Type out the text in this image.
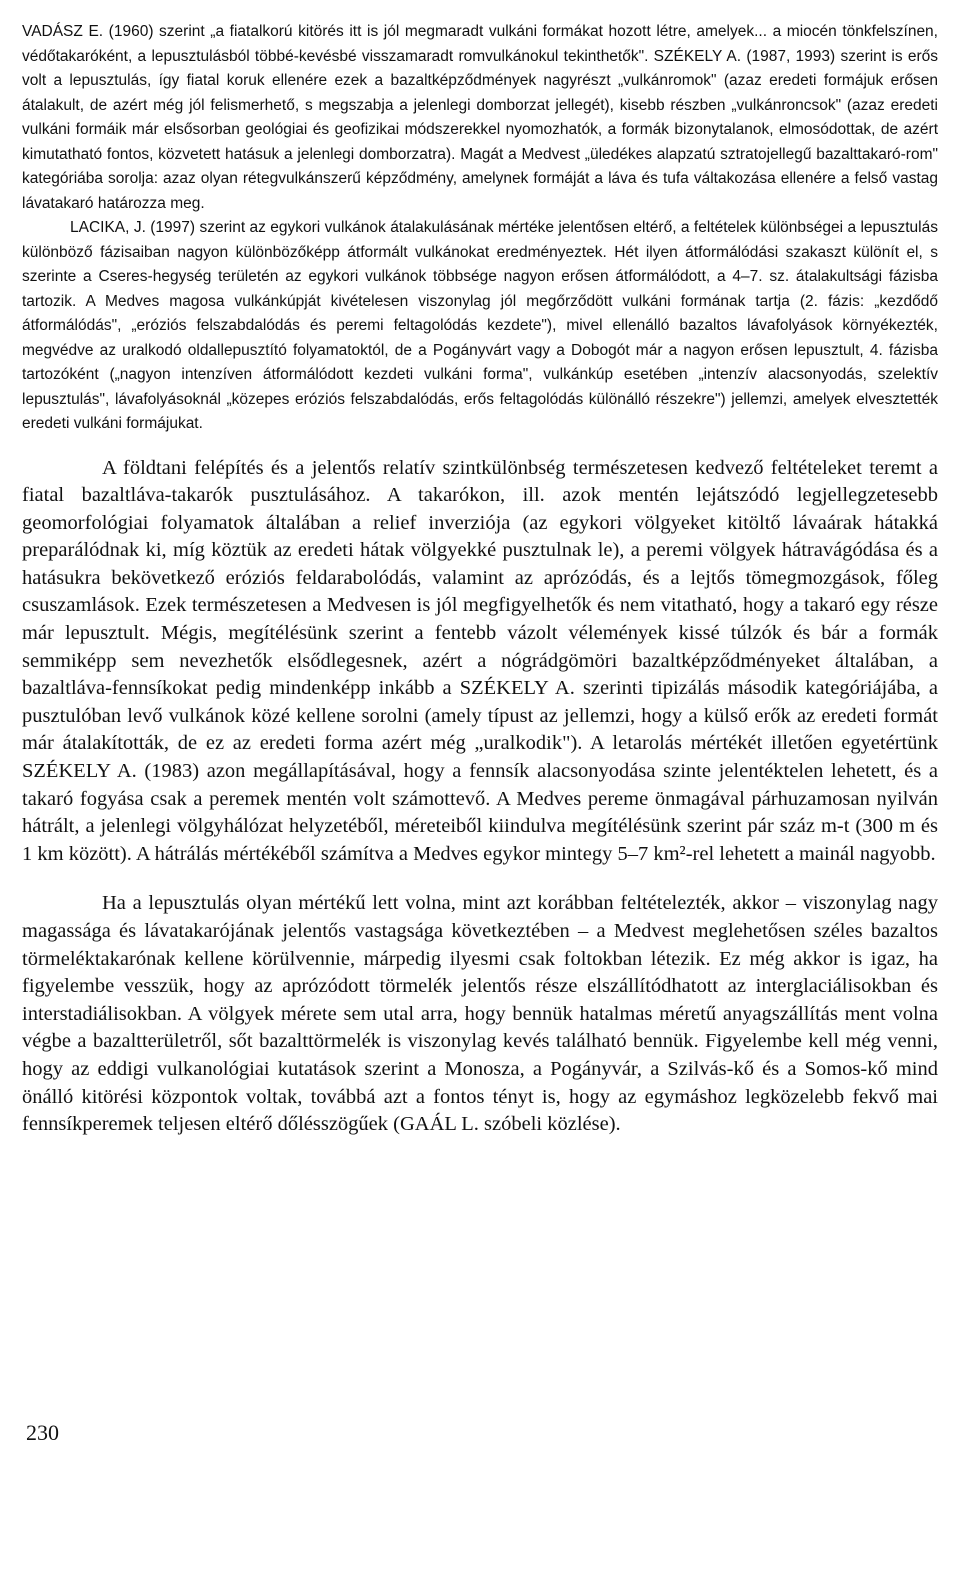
VADÁSZ E. (1960) szerint „a fiatalkorú kitörés itt is jól megmaradt vulkáni formákat hozott létre, amelyek... a miocén tönkfelszínen, védőtakaróként, a lepusztulásból többé-kevésbé visszamaradt romvulkánokul tekinthetők". SZÉKELY A. (1987, 1993) szerint is erős volt a lepusztulás, így fiatal koruk ellenére ezek a bazaltképződmények nagyrészt „vulkánromok" (azaz eredeti formájuk erősen átalakult, de azért még jól felismerhető, s megszabja a jelenlegi domborzat jellegét), kisebb részben „vulkánroncsok" (azaz eredeti vulkáni formáik már elsősorban geológiai és geofizikai módszerekkel nyomozhatók, a formák bizonytalanok, elmosódottak, de azért kimutatható fontos, közvetett hatásuk a jelenlegi domborzatra). Magát a Medvest „üledékes alapzatú sztratojellegű bazalttakaró-rom" kategóriába sorolja: azaz olyan rétegvulkánszerű képződmény, amelynek formáját a láva és tufa váltakozása ellenére a felső vastag lávatakaró határozza meg.

LACIKA, J. (1997) szerint az egykori vulkánok átalakulásának mértéke jelentősen eltérő, a feltételek különbségei a lepusztulás különböző fázisaiban nagyon különbözőképp átformált vulkánokat eredményeztek. Hét ilyen átformálódási szakaszt különít el, s szerinte a Cseres-hegység területén az egykori vulkánok többsége nagyon erősen átformálódott, a 4–7. sz. átalakultsági fázisba tartozik. A Medves magosa vulkánkúpját kivételesen viszonylag jól megőrződött vulkáni formának tartja (2. fázis: „kezdődő átformálódás", „eróziós felszabdalódás és peremi feltagolódás kezdete"), mivel ellenálló bazaltos lávafolyások környékezték, megvédve az uralkodó oldallepusztító folyamatoktól, de a Pogányvárt vagy a Dobogót már a nagyon erősen lepusztult, 4. fázisba tartozóként („nagyon intenzíven átformálódott kezdeti vulkáni forma", vulkánkúp esetében „intenzív alacsonyodás, szelektív lepusztulás", lávafolyásoknál „közepes eróziós felszabdalódás, erős feltagolódás különálló részekre") jellemzi, amelyek elvesztették eredeti vulkáni formájukat.

A földtani felépítés és a jelentős relatív szintkülönbség természetesen kedvező feltételeket teremt a fiatal bazaltláva-takarók pusztulásához. A takarókon, ill. azok mentén lejátszódó legjellegzetesebb geomorfológiai folyamatok általában a relief inverziója (az egykori völgyeket kitöltő lávaárak hátakká preparálódnak ki, míg köztük az eredeti hátak völgyekké pusztulnak le), a peremi völgyek hátravágódása és a hatásukra bekövetkező eróziós feldarabolódás, valamint az aprózódás, és a lejtős tömegmozgások, főleg csuszamlások. Ezek természetesen a Medvesen is jól megfigyelhetők és nem vitatható, hogy a takaró egy része már lepusztult. Mégis, megítélésünk szerint a fentebb vázolt vélemények kissé túlzók és bár a formák semmiképp sem nevezhetők elsődlegesnek, azért a nógrádgömöri bazaltképződményeket általában, a bazaltláva-fennsíkokat pedig mindenképp inkább a SZÉKELY A. szerinti tipizálás második kategóriájába, a pusztulóban levő vulkánok közé kellene sorolni (amely típust az jellemzi, hogy a külső erők az eredeti formát már átalakították, de ez az eredeti forma azért még „uralkodik"). A letarolás mértékét illetően egyetértünk SZÉKELY A. (1983) azon megállapításával, hogy a fennsík alacsonyodása szinte jelentéktelen lehetett, és a takaró fogyása csak a peremek mentén volt számottevő. A Medves pereme önmagával párhuzamosan nyilván hátrált, a jelenlegi völgyhálózat helyzetéből, méreteiből kiindulva megítélésünk szerint pár száz m-t (300 m és 1 km között). A hátrálás mértékéből számítva a Medves egykor mintegy 5–7 km²-rel lehetett a mainál nagyobb.

Ha a lepusztulás olyan mértékű lett volna, mint azt korábban feltételezték, akkor – viszonylag nagy magassága és lávatakarójának jelentős vastagsága következtében – a Medvest meglehetősen széles bazaltos törmeléktakarónak kellene körülvennie, márpedig ilyesmi csak foltokban létezik. Ez még akkor is igaz, ha figyelembe vesszük, hogy az aprózódott törmelék jelentős része elszállítódhatott az interglaciálisokban és interstadiálisokban. A völgyek mérete sem utal arra, hogy bennük hatalmas méretű anyagszállítás ment volna végbe a bazaltterületről, sőt bazalttörmelék is viszonylag kevés található bennük. Figyelembe kell még venni, hogy az eddigi vulkanológiai kutatások szerint a Monosza, a Pogányvár, a Szilvás-kő és a Somos-kő mind önálló kitörési központok voltak, továbbá azt a fontos tényt is, hogy az egymáshoz legközelebb fekvő mai fennsíkperemek teljesen eltérő dőlésszögűek (GAÁL L. szóbeli közlése).

230
